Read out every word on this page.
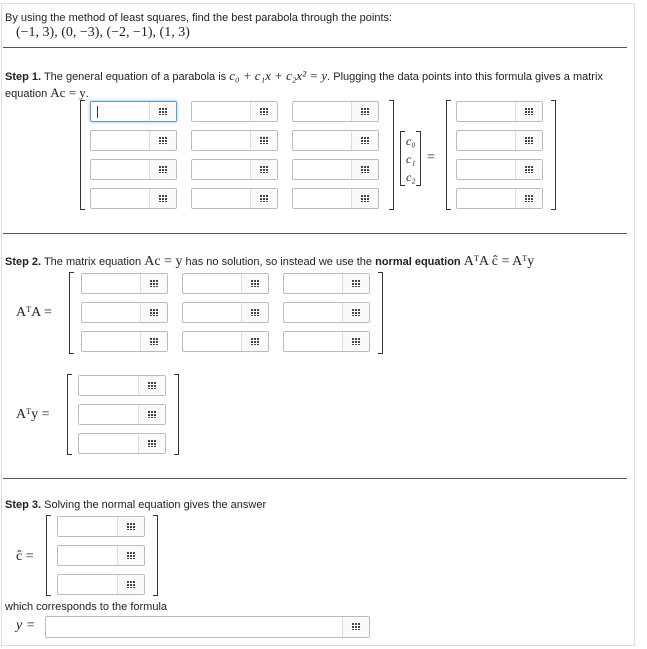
By using the method of least squares, find the best parabola through the points:
(−1, 3), (0, −3), (−2, −1), (1, 3)
Step 1. The general equation of a parabola is c₀ + c₁x + c₂x² = y. Plugging the data points into this formula gives a matrix
equation Ac = y.
c₀
c₁
c₂
=
Step 2. The matrix equation Ac = y has no solution, so instead we use the normal equation AᵀA ĉ = Aᵀy
AᵀA =
Aᵀy =
Step 3. Solving the normal equation gives the answer
ĉ =
which corresponds to the formula
y =
